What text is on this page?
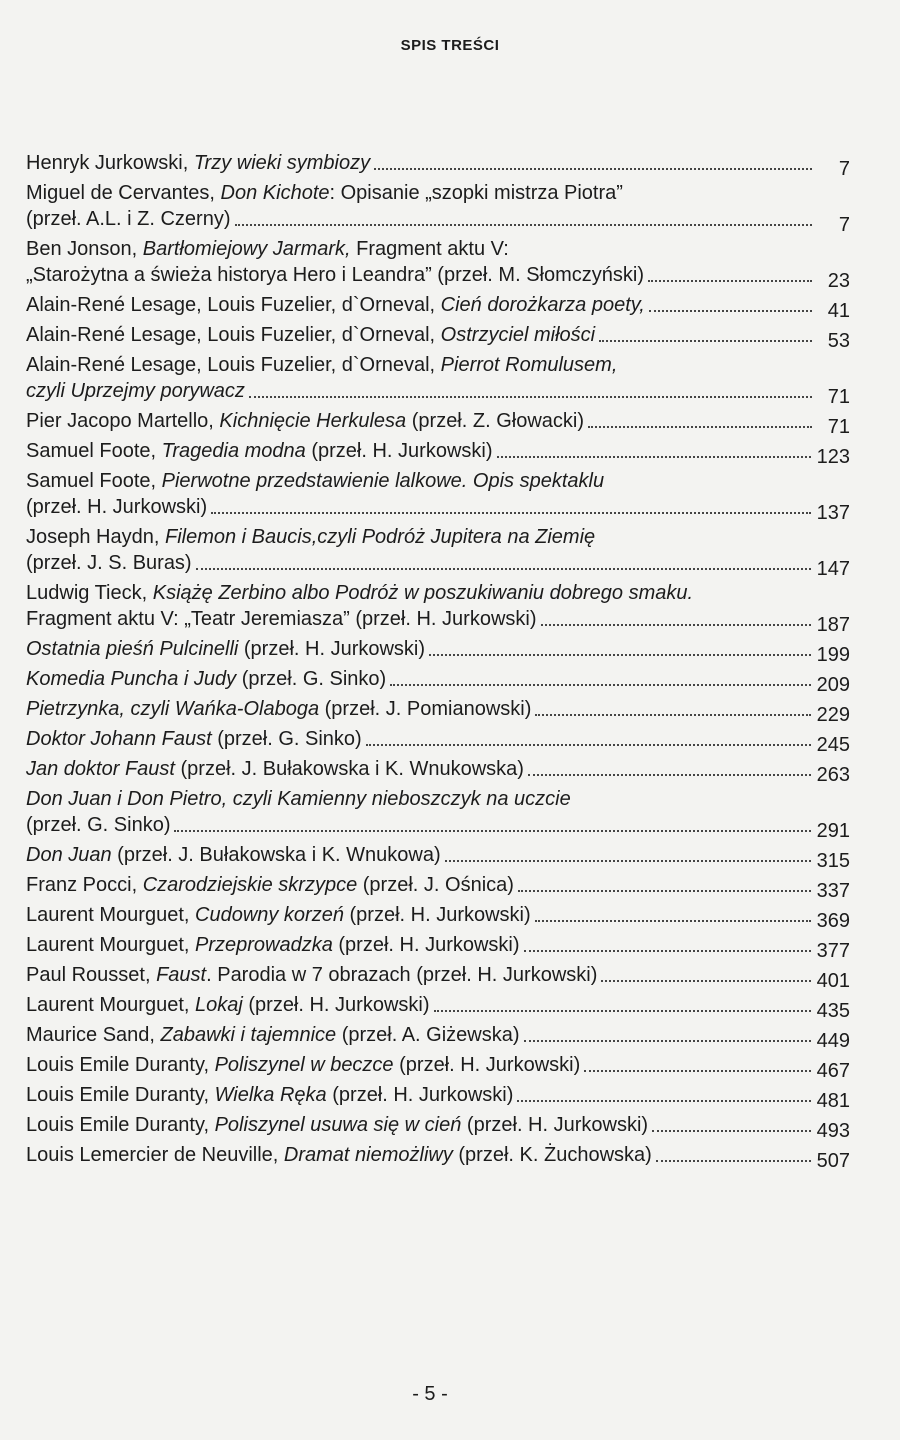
SPIS TREŚCI
Henryk Jurkowski, Trzy wieki symbiozy	7
Miguel de Cervantes, Don Kichote: Opisanie „szopki mistrza Piotra”
(przeł. A.L. i Z. Czerny)	7
Ben Jonson, Bartłomiejowy Jarmark, Fragment aktu V:
„Starożytna a świeża historya Hero i Leandra” (przeł. M. Słomczyński)	23
Alain-René Lesage, Louis Fuzelier, d`Orneval, Cień dorożkarza poety,	41
Alain-René Lesage, Louis Fuzelier, d`Orneval, Ostrzyciel miłości	53
Alain-René Lesage, Louis Fuzelier, d`Orneval, Pierrot Romulusem,
czyli Uprzejmy porywacz	71
Pier Jacopo Martello, Kichnięcie Herkulesa (przeł. Z. Głowacki)	71
Samuel Foote, Tragedia modna (przeł. H. Jurkowski)	123
Samuel Foote, Pierwotne przedstawienie lalkowe. Opis spektaklu
(przeł. H. Jurkowski)	137
Joseph Haydn, Filemon i Baucis,czyli Podróż Jupitera na Ziemię
(przeł. J. S. Buras)	147
Ludwig Tieck, Książę Zerbino albo Podróż w poszukiwaniu dobrego smaku.
Fragment aktu V: „Teatr Jeremiasza” (przeł. H. Jurkowski)	187
Ostatnia pieśń Pulcinelli (przeł. H. Jurkowski)	199
Komedia Puncha i Judy (przeł. G. Sinko)	209
Pietrzynka, czyli Wańka-Olaboga (przeł. J. Pomianowski)	229
Doktor Johann Faust (przeł. G. Sinko)	245
Jan doktor Faust (przeł. J. Bułakowska i K. Wnukowska)	263
Don Juan i Don Pietro, czyli Kamienny nieboszczyk na uczcie
(przeł. G. Sinko)	291
Don Juan (przeł. J. Bułakowska i K. Wnukowa)	315
Franz Pocci, Czarodziejskie skrzypce (przeł. J. Ośnica)	337
Laurent Mourguet, Cudowny korzeń (przeł. H. Jurkowski)	369
Laurent Mourguet, Przeprowadzka (przeł. H. Jurkowski)	377
Paul Rousset, Faust. Parodia w 7 obrazach (przeł. H. Jurkowski)	401
Laurent Mourguet, Lokaj (przeł. H. Jurkowski)	435
Maurice Sand, Zabawki i tajemnice (przeł. A. Giżewska)	449
Louis Emile Duranty, Poliszynel w beczce (przeł. H. Jurkowski)	467
Louis Emile Duranty, Wielka Ręka (przeł. H. Jurkowski)	481
Louis Emile Duranty, Poliszynel usuwa się w cień (przeł. H. Jurkowski)	493
Louis Lemercier de Neuville, Dramat niemożliwy (przeł. K. Żuchowska)	507
- 5 -
